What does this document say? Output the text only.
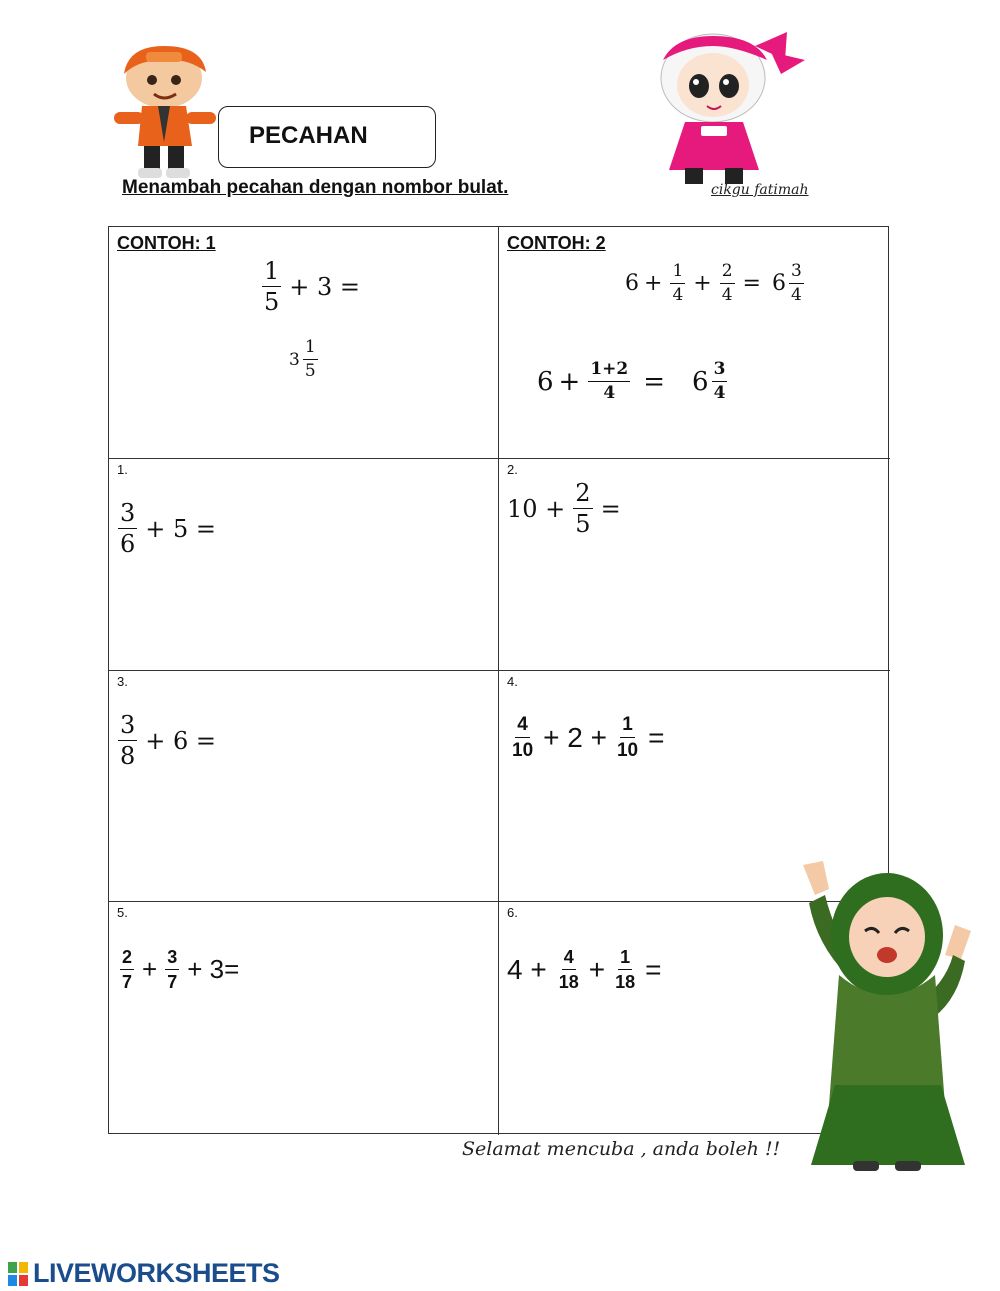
PECAHAN
Menambah pecahan dengan nombor bulat.	cikgu fatimah
CONTOH: 1
$\frac{1}{5} + 3$ =
$3 \frac{1}{5}$
CONTOH: 2
$6 + \frac{1}{4} + \frac{2}{4} = 6 \frac{3}{4}$
$6 + \frac{1+2}{4} = 6 \frac{3}{4}$
1.
$\frac{3}{6} + 5$ =
2.
$10 + \frac{2}{5}$ =
3.
$\frac{3}{8} + 6$ =
4.
$\frac{4}{10} + 2 + \frac{1}{10}$ =
5.
$\frac{2}{7} + \frac{3}{7} + 3=$
6.
$4 + \frac{4}{18} + \frac{1}{18}$ =
Selamat mencuba , anda boleh !!
LIVEWORKSHEETS
